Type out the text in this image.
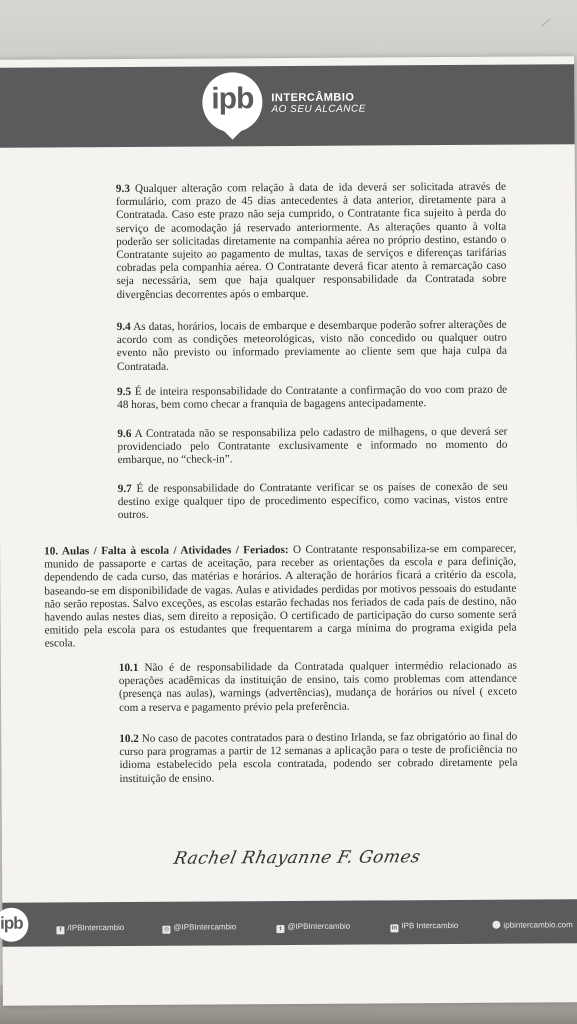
ipb	INTERCÂMBIO
AO SEU ALCANCE

9.3 Qualquer alteração com relação à data de ida deverá ser solicitada através de formulário, com prazo de 45 dias antecedentes à data anterior, diretamente para a Contratada. Caso este prazo não seja cumprido, o Contratante fica sujeito à perda do serviço de acomodação já reservado anteriormente. As alterações quanto à volta poderão ser solicitadas diretamente na companhia aérea no próprio destino, estando o Contratante sujeito ao pagamento de multas, taxas de serviços e diferenças tarifárias cobradas pela companhia aérea. O Contratante deverá ficar atento à remarcação caso seja necessária, sem que haja qualquer responsabilidade da Contratada sobre divergências decorrentes após o embarque.

9.4 As datas, horários, locais de embarque e desembarque poderão sofrer alterações de acordo com as condições meteorológicas, visto não concedido ou qualquer outro evento não previsto ou informado previamente ao cliente sem que haja culpa da Contratada.

9.5 É de inteira responsabilidade do Contratante a confirmação do voo com prazo de 48 horas, bem como checar a franquia de bagagens antecipadamente.

9.6 A Contratada não se responsabiliza pelo cadastro de milhagens, o que deverá ser providenciado pelo Contratante exclusivamente e informado no momento do embarque, no “check-in”.

9.7 É de responsabilidade do Contratante verificar se os países de conexão de seu destino exige qualquer tipo de procedimento específico, como vacinas, vistos entre outros.

10. Aulas / Falta à escola / Atividades / Feriados: O Contratante responsabiliza-se em comparecer, munido de passaporte e cartas de aceitação, para receber as orientações da escola e para definição, dependendo de cada curso, das matérias e horários. A alteração de horários ficará a critério da escola, baseando-se em disponibilidade de vagas. Aulas e atividades perdidas por motivos pessoais do estudante não serão repostas. Salvo exceções, as escolas estarão fechadas nos feriados de cada país de destino, não havendo aulas nestes dias, sem direito a reposição. O certificado de participação do curso somente será emitido pela escola para os estudantes que frequentarem a carga mínima do programa exigida pela escola.

10.1 Não é de responsabilidade da Contratada qualquer intermédio relacionado as operações acadêmicas da instituição de ensino, tais como problemas com attendance (presença nas aulas), warnings (advertências), mudança de horários ou nível ( exceto com a reserva e pagamento prévio pela preferência.

10.2 No caso de pacotes contratados para o destino Irlanda, se faz obrigatório ao final do curso para programas a partir de 12 semanas a aplicação para o teste de proficiência no idioma estabelecido pela escola contratada, podendo ser cobrado diretamente pela instituição de ensino.

Rachel Rhayanne F. Gomes
ipb	f /IPBIntercambio	◎ @IPBIntercambio	t @IPBIntercambio	in IPB Intercambio	ipbintercambio.com
